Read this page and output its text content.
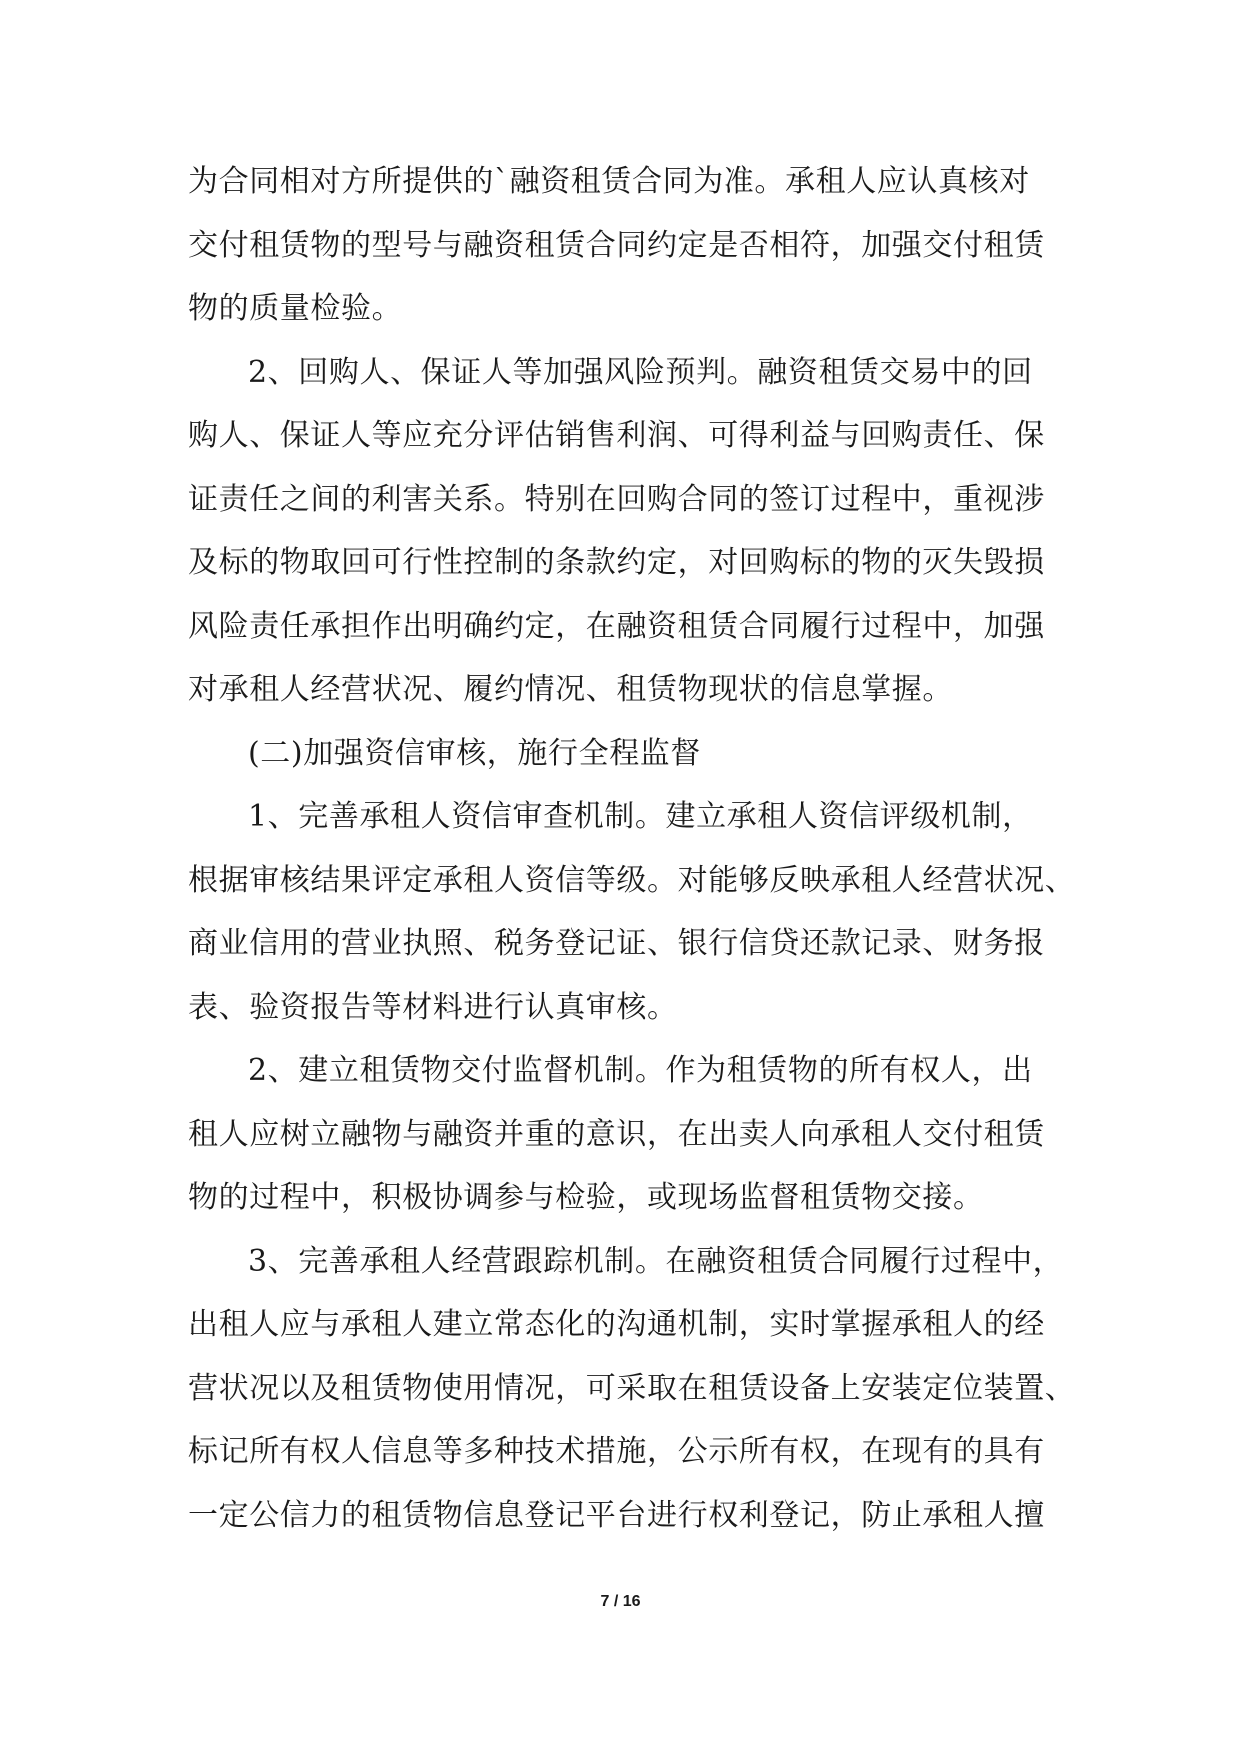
为合同相对方所提供的`融资租赁合同为准。承租人应认真核对
交付租赁物的型号与融资租赁合同约定是否相符，加强交付租赁
物的质量检验。
2、回购人、保证人等加强风险预判。融资租赁交易中的回
购人、保证人等应充分评估销售利润、可得利益与回购责任、保
证责任之间的利害关系。特别在回购合同的签订过程中，重视涉
及标的物取回可行性控制的条款约定，对回购标的物的灭失毁损
风险责任承担作出明确约定，在融资租赁合同履行过程中，加强
对承租人经营状况、履约情况、租赁物现状的信息掌握。
(二)加强资信审核，施行全程监督
1、完善承租人资信审查机制。建立承租人资信评级机制，
根据审核结果评定承租人资信等级。对能够反映承租人经营状况、
商业信用的营业执照、税务登记证、银行信贷还款记录、财务报
表、验资报告等材料进行认真审核。
2、建立租赁物交付监督机制。作为租赁物的所有权人，出
租人应树立融物与融资并重的意识，在出卖人向承租人交付租赁
物的过程中，积极协调参与检验，或现场监督租赁物交接。
3、完善承租人经营跟踪机制。在融资租赁合同履行过程中，
出租人应与承租人建立常态化的沟通机制，实时掌握承租人的经
营状况以及租赁物使用情况，可采取在租赁设备上安装定位装置、
标记所有权人信息等多种技术措施，公示所有权，在现有的具有
一定公信力的租赁物信息登记平台进行权利登记，防止承租人擅
7 / 16
